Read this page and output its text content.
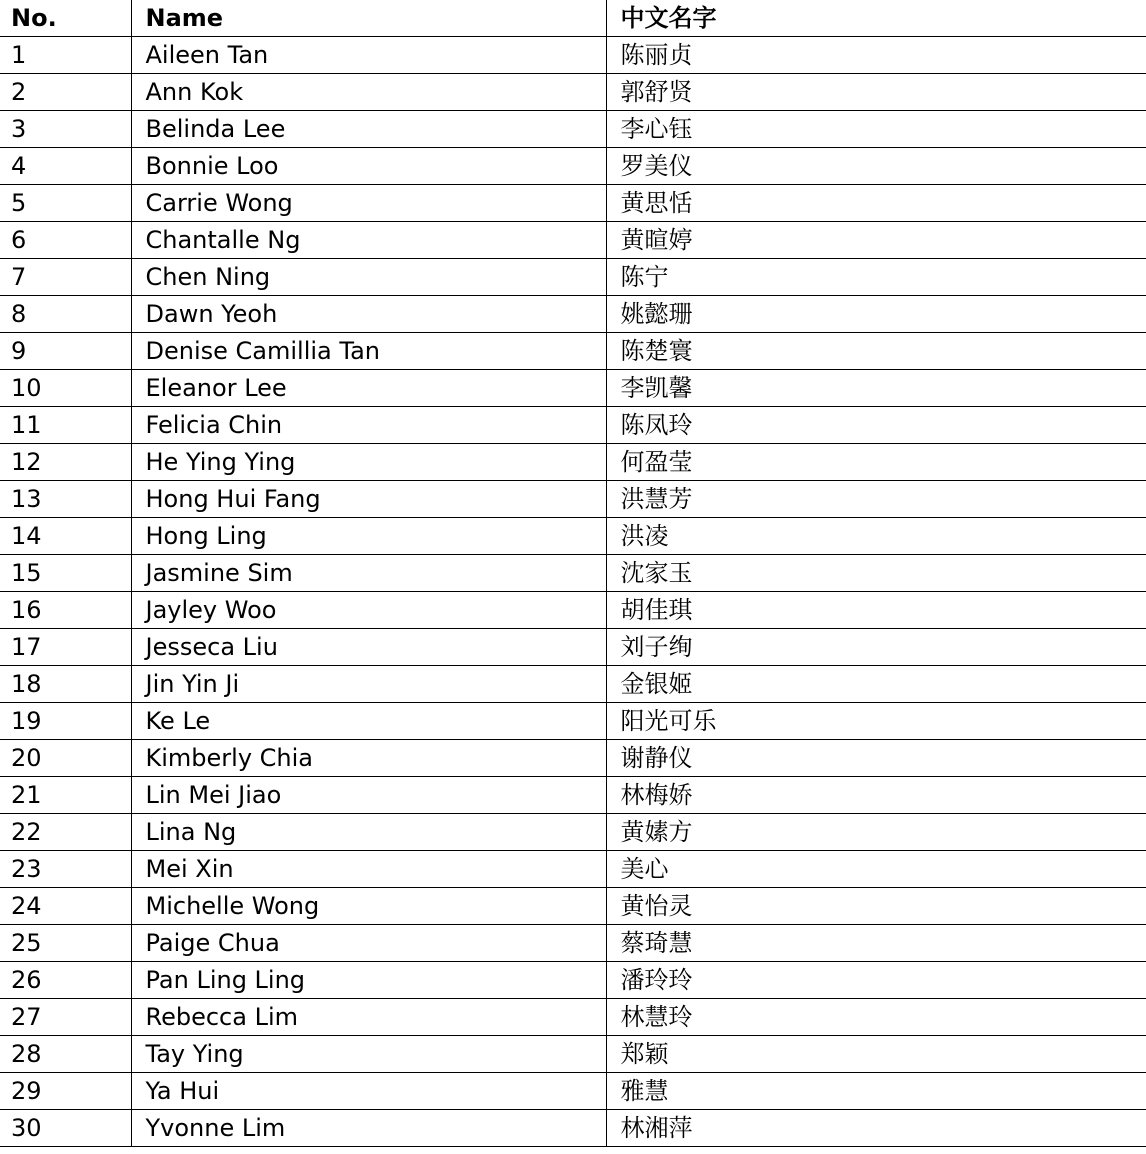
No.	Name	中文名字
1	Aileen Tan	陈丽贞
2	Ann Kok	郭舒贤
3	Belinda Lee	李心钰
4	Bonnie Loo	罗美仪
5	Carrie Wong	黄思恬
6	Chantalle Ng	黄暄婷
7	Chen Ning	陈宁
8	Dawn Yeoh	姚懿珊
9	Denise Camillia Tan	陈楚寰
10	Eleanor Lee	李凯馨
11	Felicia Chin	陈凤玲
12	He Ying Ying	何盈莹
13	Hong Hui Fang	洪慧芳
14	Hong Ling	洪凌
15	Jasmine Sim	沈家玉
16	Jayley Woo	胡佳琪
17	Jesseca Liu	刘子绚
18	Jin Yin Ji	金银姬
19	Ke Le	阳光可乐
20	Kimberly Chia	谢静仪
21	Lin Mei Jiao	林梅娇
22	Lina Ng	黄嫊方
23	Mei Xin	美心
24	Michelle Wong	黄怡灵
25	Paige Chua	蔡琦慧
26	Pan Ling Ling	潘玲玲
27	Rebecca Lim	林慧玲
28	Tay Ying	郑颖
29	Ya Hui	雅慧
30	Yvonne Lim	林湘萍
